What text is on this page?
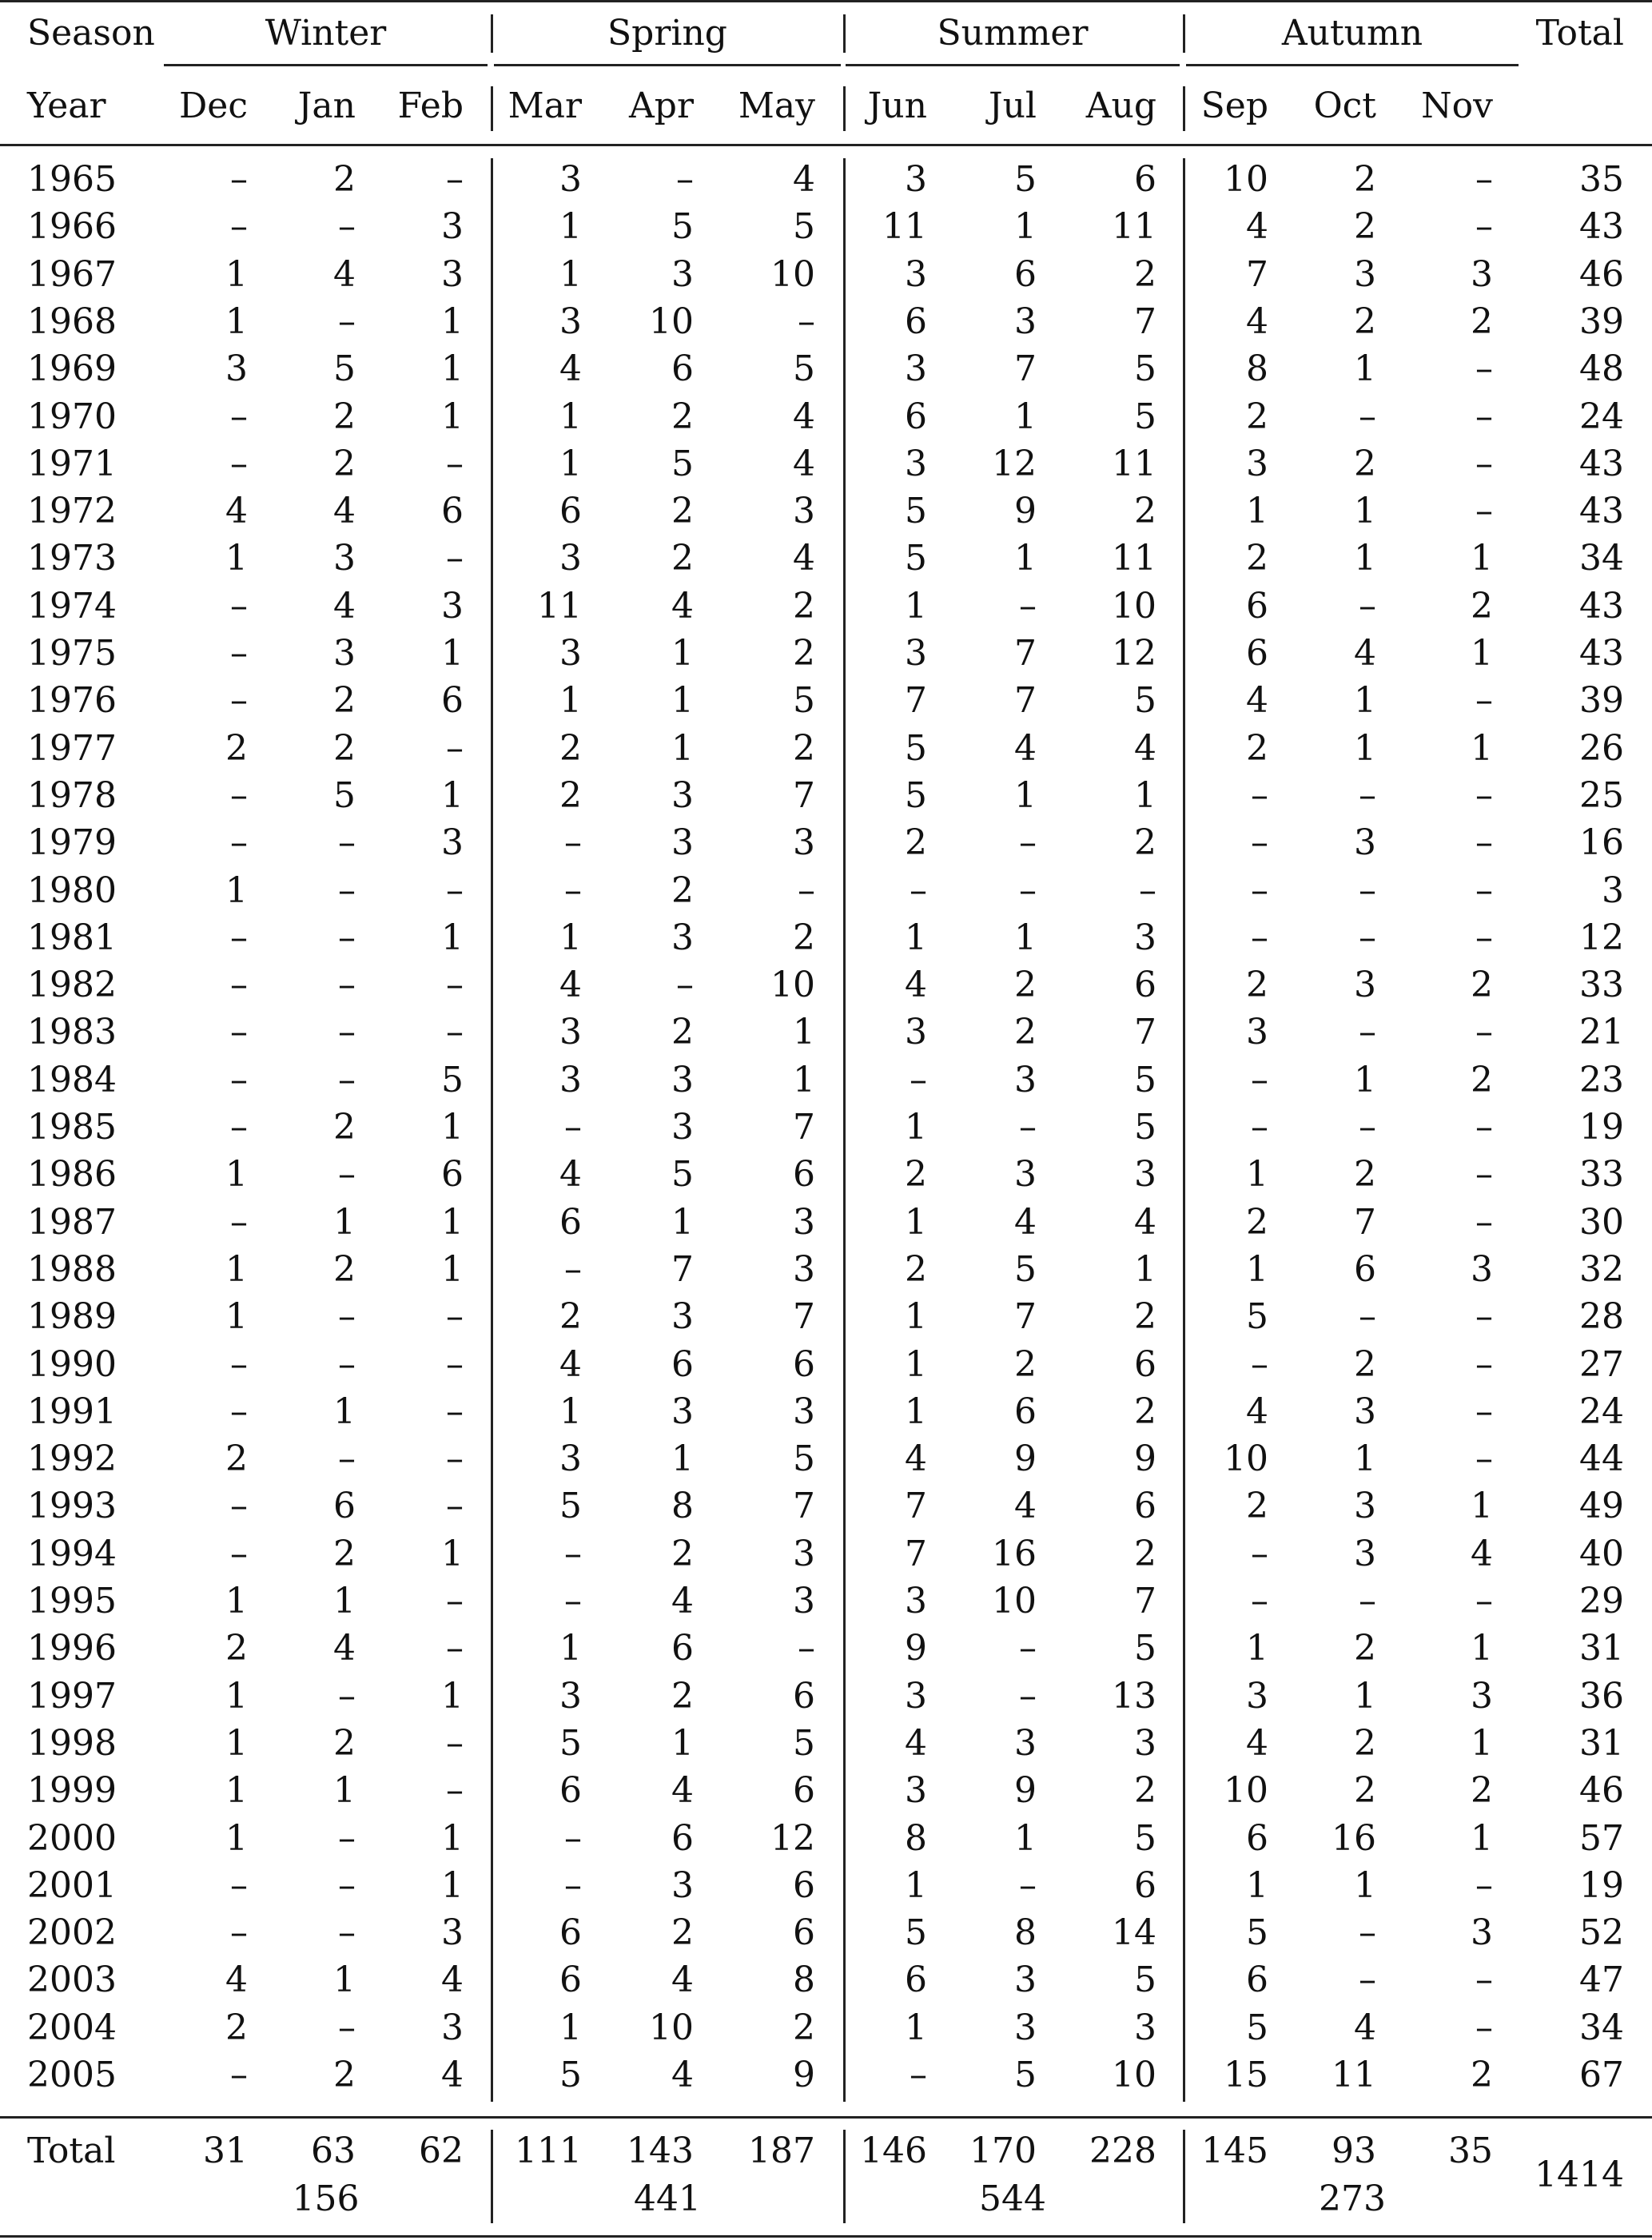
Season
Year
Total
Winter	Spring	Summer	Autumn
Dec	Jan	Feb	Mar	Apr	May	Jun	Jul	Aug	Sep	Oct	Nov
1965	–	2	–	3	–	4	3	5	6	10	2	–	35
1966	–	–	3	1	5	5	11	1	11	4	2	–	43
1967	1	4	3	1	3	10	3	6	2	7	3	3	46
1968	1	–	1	3	10	–	6	3	7	4	2	2	39
1969	3	5	1	4	6	5	3	7	5	8	1	–	48
1970	–	2	1	1	2	4	6	1	5	2	–	–	24
1971	–	2	–	1	5	4	3	12	11	3	2	–	43
1972	4	4	6	6	2	3	5	9	2	1	1	–	43
1973	1	3	–	3	2	4	5	1	11	2	1	1	34
1974	–	4	3	11	4	2	1	–	10	6	–	2	43
1975	–	3	1	3	1	2	3	7	12	6	4	1	43
1976	–	2	6	1	1	5	7	7	5	4	1	–	39
1977	2	2	–	2	1	2	5	4	4	2	1	1	26
1978	–	5	1	2	3	7	5	1	1	–	–	–	25
1979	–	–	3	–	3	3	2	–	2	–	3	–	16
1980	1	–	–	–	2	–	–	–	–	–	–	–	3
1981	–	–	1	1	3	2	1	1	3	–	–	–	12
1982	–	–	–	4	–	10	4	2	6	2	3	2	33
1983	–	–	–	3	2	1	3	2	7	3	–	–	21
1984	–	–	5	3	3	1	–	3	5	–	1	2	23
1985	–	2	1	–	3	7	1	–	5	–	–	–	19
1986	1	–	6	4	5	6	2	3	3	1	2	–	33
1987	–	1	1	6	1	3	1	4	4	2	7	–	30
1988	1	2	1	–	7	3	2	5	1	1	6	3	32
1989	1	–	–	2	3	7	1	7	2	5	–	–	28
1990	–	–	–	4	6	6	1	2	6	–	2	–	27
1991	–	1	–	1	3	3	1	6	2	4	3	–	24
1992	2	–	–	3	1	5	4	9	9	10	1	–	44
1993	–	6	–	5	8	7	7	4	6	2	3	1	49
1994	–	2	1	–	2	3	7	16	2	–	3	4	40
1995	1	1	–	–	4	3	3	10	7	–	–	–	29
1996	2	4	–	1	6	–	9	–	5	1	2	1	31
1997	1	–	1	3	2	6	3	–	13	3	1	3	36
1998	1	2	–	5	1	5	4	3	3	4	2	1	31
1999	1	1	–	6	4	6	3	9	2	10	2	2	46
2000	1	–	1	–	6	12	8	1	5	6	16	1	57
2001	–	–	1	–	3	6	1	–	6	1	1	–	19
2002	–	–	3	6	2	6	5	8	14	5	–	3	52
2003	4	1	4	6	4	8	6	3	5	6	–	–	47
2004	2	–	3	1	10	2	1	3	3	5	4	–	34
2005	–	2	4	5	4	9	–	5	10	15	11	2	67
Total	31	63	62	111	143	187	146	170	228	145	93	35
156	441	544	273
1414
